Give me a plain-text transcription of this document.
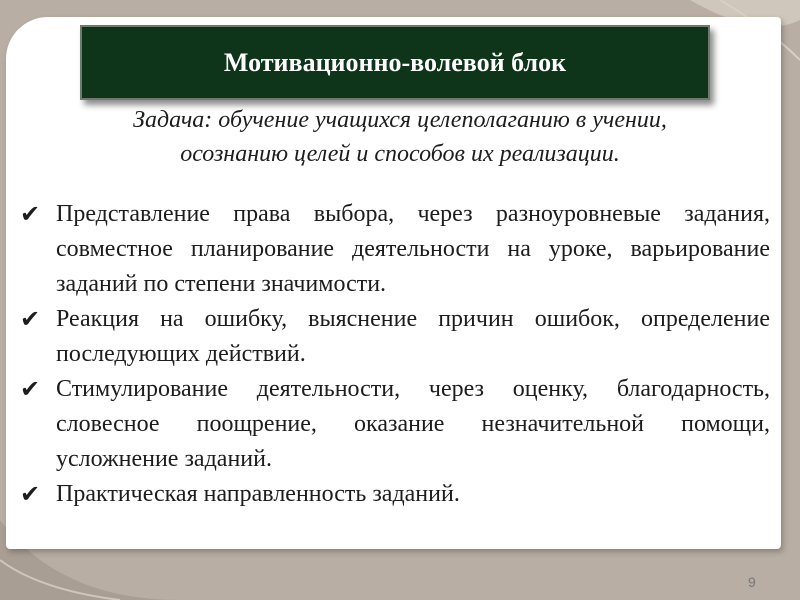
Мотивационно-волевой блок
Задача: обучение учащихся целеполаганию в учении,
осознанию целей и способов их реализации.
✔ Представление права выбора, через разноуровневые задания, совместное планирование деятельности на уроке, варьирование заданий по степени значимости.
✔ Реакция на ошибку, выяснение причин ошибок, определение последующих действий.
✔ Стимулирование деятельности, через оценку, благодарность, словесное поощрение, оказание незначительной помощи, усложнение заданий.
✔ Практическая направленность заданий.
9
